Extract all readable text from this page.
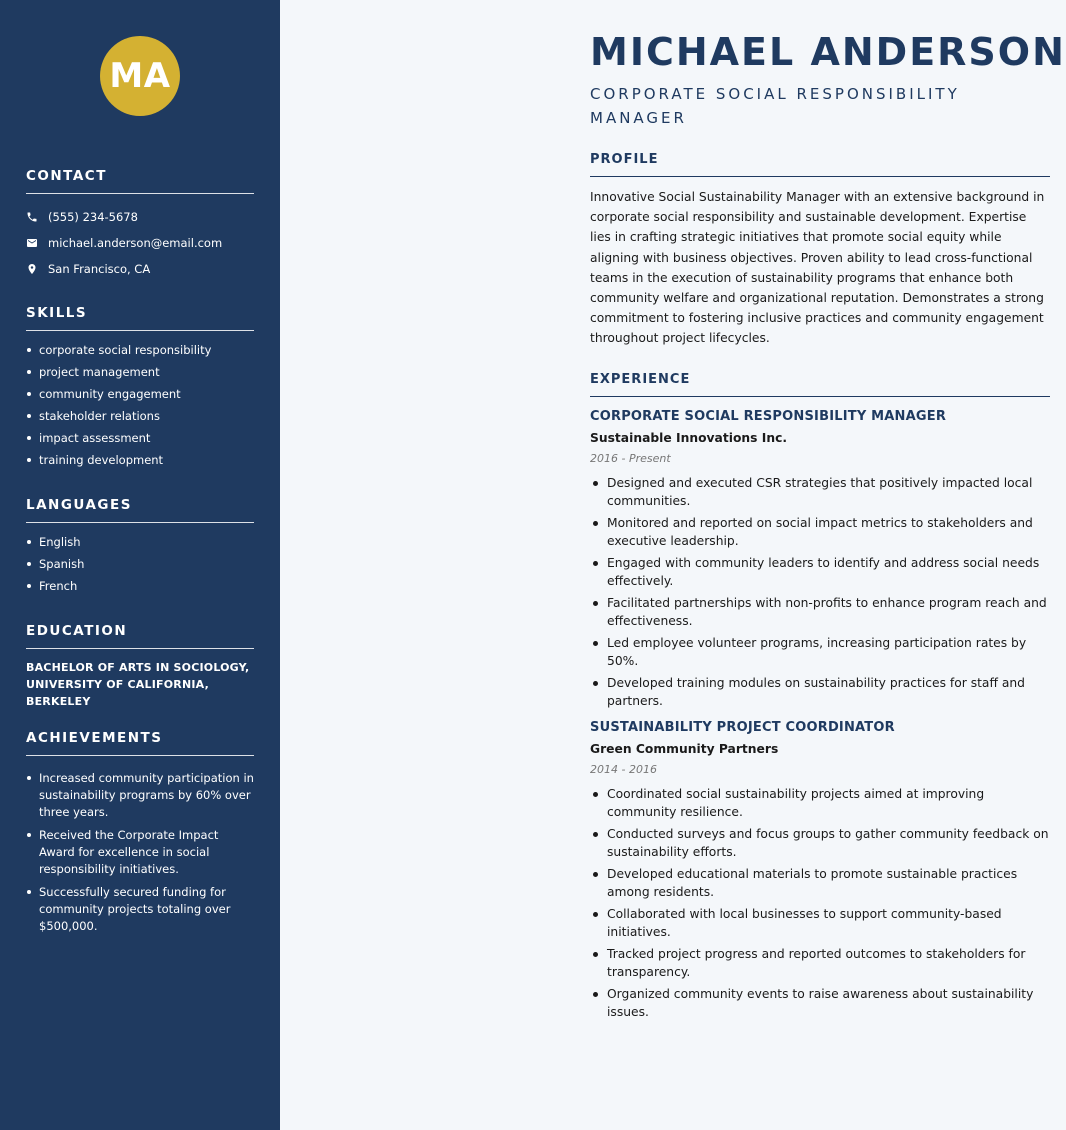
MA
CONTACT
(555) 234-5678
michael.anderson@email.com
San Francisco, CA
SKILLS
corporate social responsibility
project management
community engagement
stakeholder relations
impact assessment
training development
LANGUAGES
English
Spanish
French
EDUCATION
BACHELOR OF ARTS IN SOCIOLOGY, UNIVERSITY OF CALIFORNIA, BERKELEY
ACHIEVEMENTS
Increased community participation in sustainability programs by 60% over three years.
Received the Corporate Impact Award for excellence in social responsibility initiatives.
Successfully secured funding for community projects totaling over $500,000.
MICHAEL ANDERSON
CORPORATE SOCIAL RESPONSIBILITY MANAGER
PROFILE

Innovative Social Sustainability Manager with an extensive background in corporate social responsibility and sustainable development. Expertise lies in crafting strategic initiatives that promote social equity while aligning with business objectives. Proven ability to lead cross-functional teams in the execution of sustainability programs that enhance both community welfare and organizational reputation. Demonstrates a strong commitment to fostering inclusive practices and community engagement throughout project lifecycles.

EXPERIENCE
CORPORATE SOCIAL RESPONSIBILITY MANAGER
Sustainable Innovations Inc.
2016 - Present
Designed and executed CSR strategies that positively impacted local communities.
Monitored and reported on social impact metrics to stakeholders and executive leadership.
Engaged with community leaders to identify and address social needs effectively.
Facilitated partnerships with non-profits to enhance program reach and effectiveness.
Led employee volunteer programs, increasing participation rates by 50%.
Developed training modules on sustainability practices for staff and partners.
SUSTAINABILITY PROJECT COORDINATOR
Green Community Partners
2014 - 2016
Coordinated social sustainability projects aimed at improving community resilience.
Conducted surveys and focus groups to gather community feedback on sustainability efforts.
Developed educational materials to promote sustainable practices among residents.
Collaborated with local businesses to support community-based initiatives.
Tracked project progress and reported outcomes to stakeholders for transparency.
Organized community events to raise awareness about sustainability issues.
